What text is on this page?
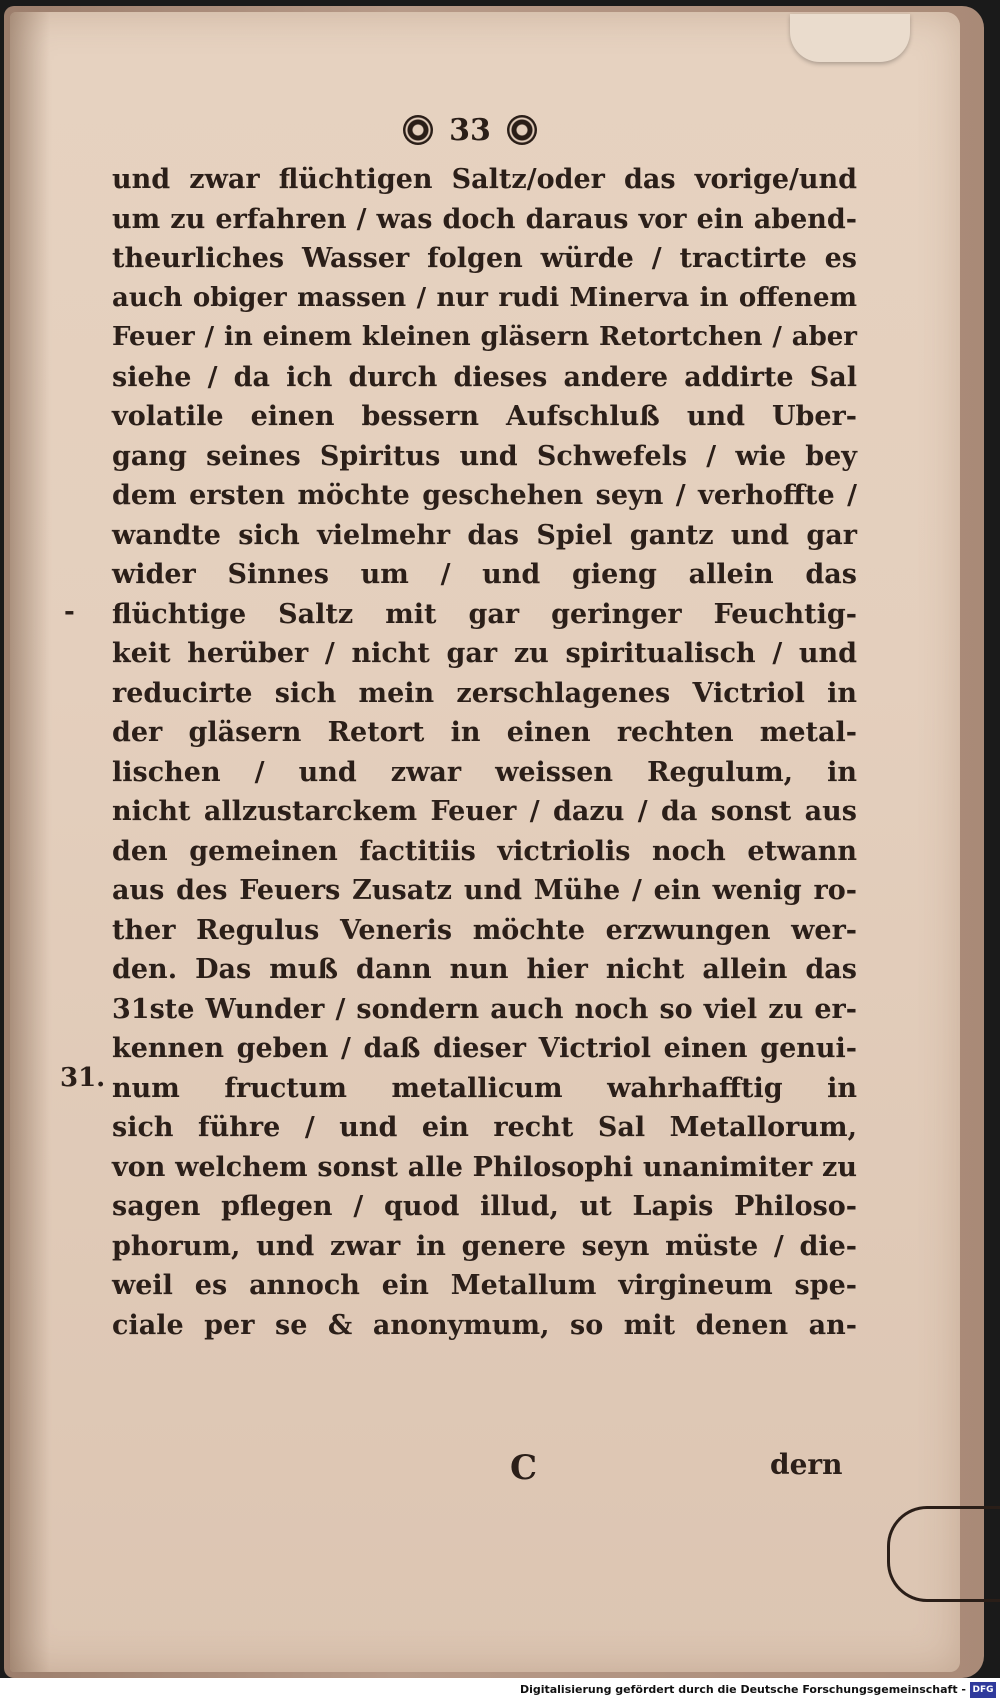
33
und zwar flüchtigen Saltz/oder das vorige/und
um zu erfahren / was doch daraus vor ein abend-
theurliches Wasser folgen würde / tractirte es
auch obiger massen / nur rudi Minerva in offenem
Feuer / in einem kleinen gläsern Retortchen / aber
siehe / da ich durch dieses andere addirte Sal
volatile einen bessern Aufschluß und Uber-
gang seines Spiritus und Schwefels / wie bey
dem ersten möchte geschehen seyn / verhoffte /
wandte sich vielmehr das Spiel gantz und gar
wider Sinnes um / und gieng allein das
flüchtige Saltz mit gar geringer Feuchtig-
keit herüber / nicht gar zu spiritualisch / und
reducirte sich mein zerschlagenes Victriol in
der gläsern Retort in einen rechten metal-
lischen / und zwar weissen Regulum, in
nicht allzustarckem Feuer / dazu / da sonst aus
den gemeinen factitiis victriolis noch etwann
aus des Feuers Zusatz und Mühe / ein wenig ro-
ther Regulus Veneris möchte erzwungen wer-
den. Das muß dann nun hier nicht allein das
31ste Wunder / sondern auch noch so viel zu er-
kennen geben / daß dieser Victriol einen genui-
num fructum metallicum wahrhafftig in
sich führe / und ein recht Sal Metallorum,
von welchem sonst alle Philosophi unanimiter zu
sagen pflegen / quod illud, ut Lapis Philoso-
phorum, und zwar in genere seyn müste / die-
weil es annoch ein Metallum virgineum spe-
ciale per se & anonymum, so mit denen an-
-
31.
C	dern
Digitalisierung gefördert durch die Deutsche Forschungsgemeinschaft - DFG
